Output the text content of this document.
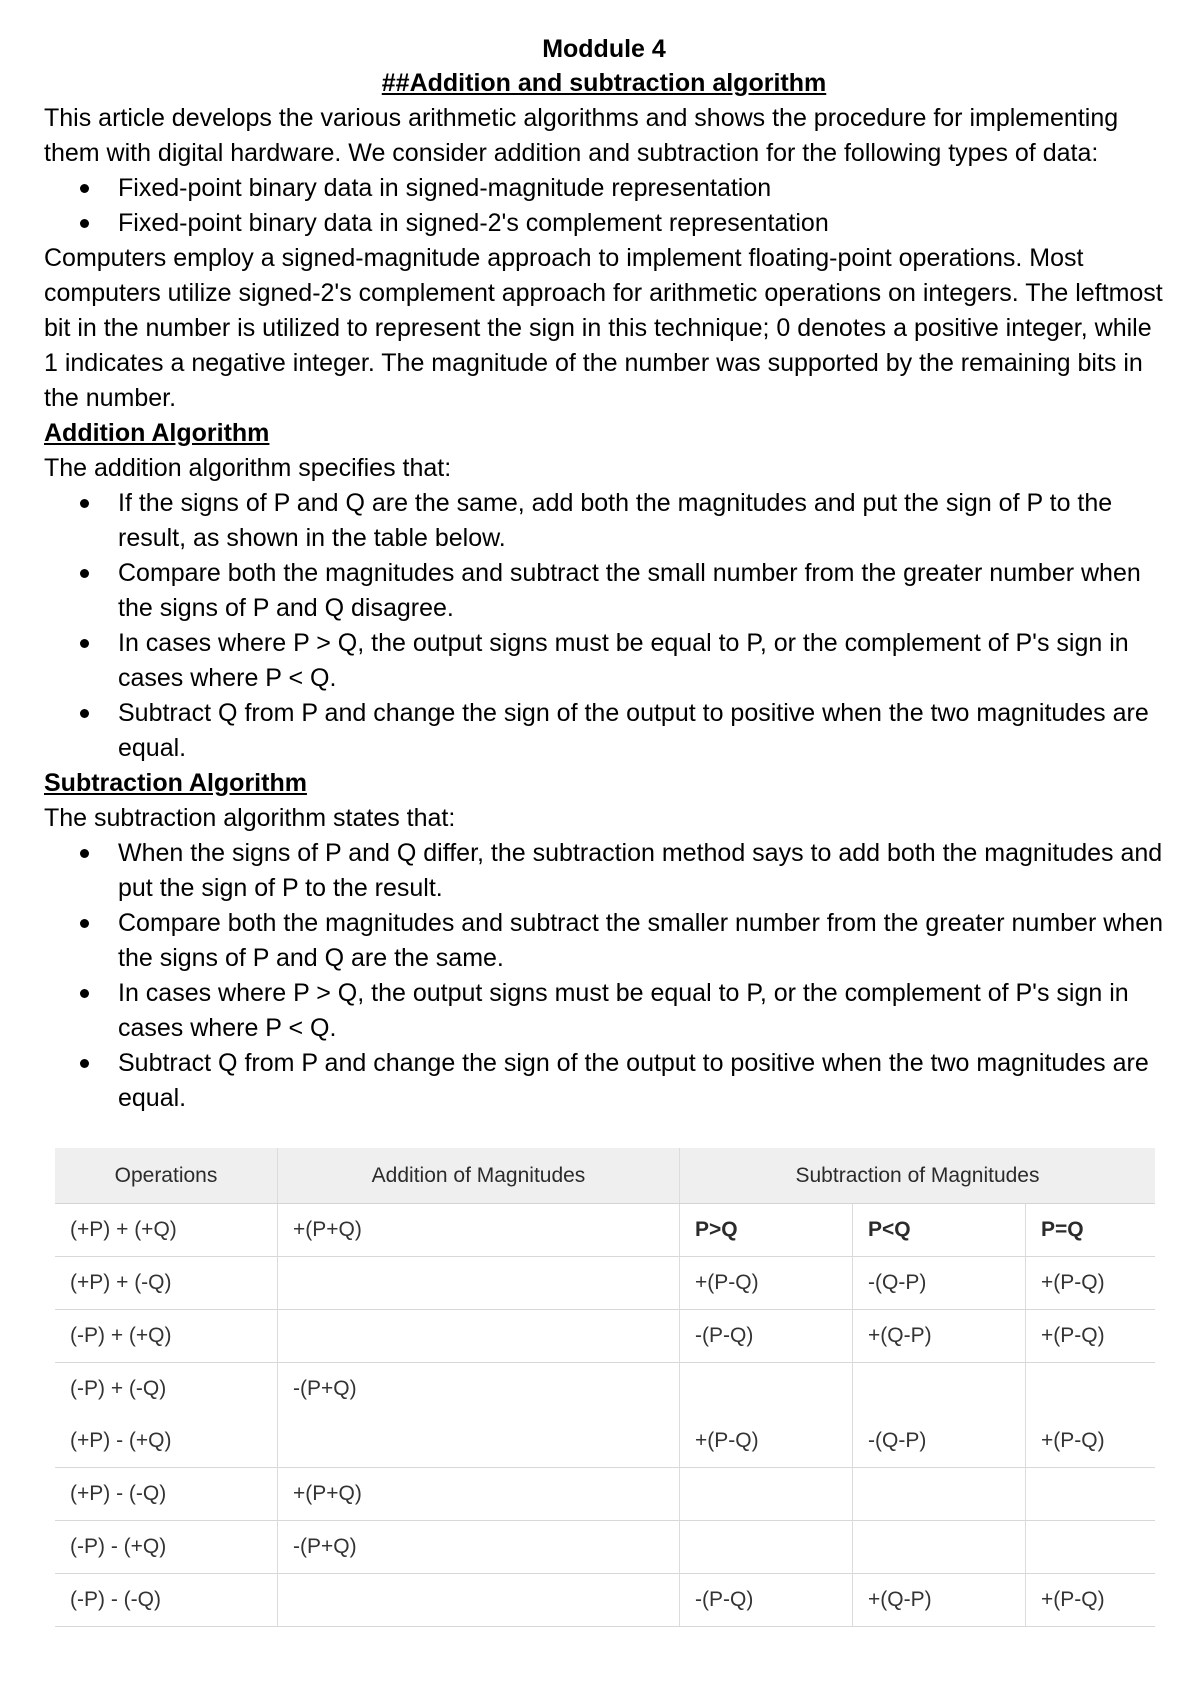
Moddule 4
##Addition and subtraction algorithm

This article develops the various arithmetic algorithms and shows the procedure for implementing them with digital hardware. We consider addition and subtraction for the following types of data:

Fixed-point binary data in signed-magnitude representation
Fixed-point binary data in signed-2's complement representation

Computers employ a signed-magnitude approach to implement floating-point operations. Most computers utilize signed-2's complement approach for arithmetic operations on integers. The leftmost bit in the number is utilized to represent the sign in this technique; 0 denotes a positive integer, while 1 indicates a negative integer. The magnitude of the number was supported by the remaining bits in the number.

Addition Algorithm

The addition algorithm specifies that:

If the signs of P and Q are the same, add both the magnitudes and put the sign of P to the result, as shown in the table below.
Compare both the magnitudes and subtract the small number from the greater number when the signs of P and Q disagree.
In cases where P > Q, the output signs must be equal to P, or the complement of P's sign in cases where P < Q.
Subtract Q from P and change the sign of the output to positive when the two magnitudes are equal.
Subtraction Algorithm

The subtraction algorithm states that:

When the signs of P and Q differ, the subtraction method says to add both the magnitudes and put the sign of P to the result.
Compare both the magnitudes and subtract the smaller number from the greater number when the signs of P and Q are the same.
In cases where P > Q, the output signs must be equal to P, or the complement of P's sign in cases where P < Q.
Subtract Q from P and change the sign of the output to positive when the two magnitudes are equal.
Operations	Addition of Magnitudes	Subtraction of Magnitudes		
(+P) + (+Q)	+(P+Q)	P>Q	P<Q	P=Q
(+P) + (-Q)		+(P-Q)	-(Q-P)	+(P-Q)
(-P) + (+Q)		-(P-Q)	+(Q-P)	+(P-Q)
(-P) + (-Q)	-(P+Q)			
(+P) - (+Q)		+(P-Q)	-(Q-P)	+(P-Q)
(+P) - (-Q)	+(P+Q)			
(-P) - (+Q)	-(P+Q)			
(-P) - (-Q)		-(P-Q)	+(Q-P)	+(P-Q)
